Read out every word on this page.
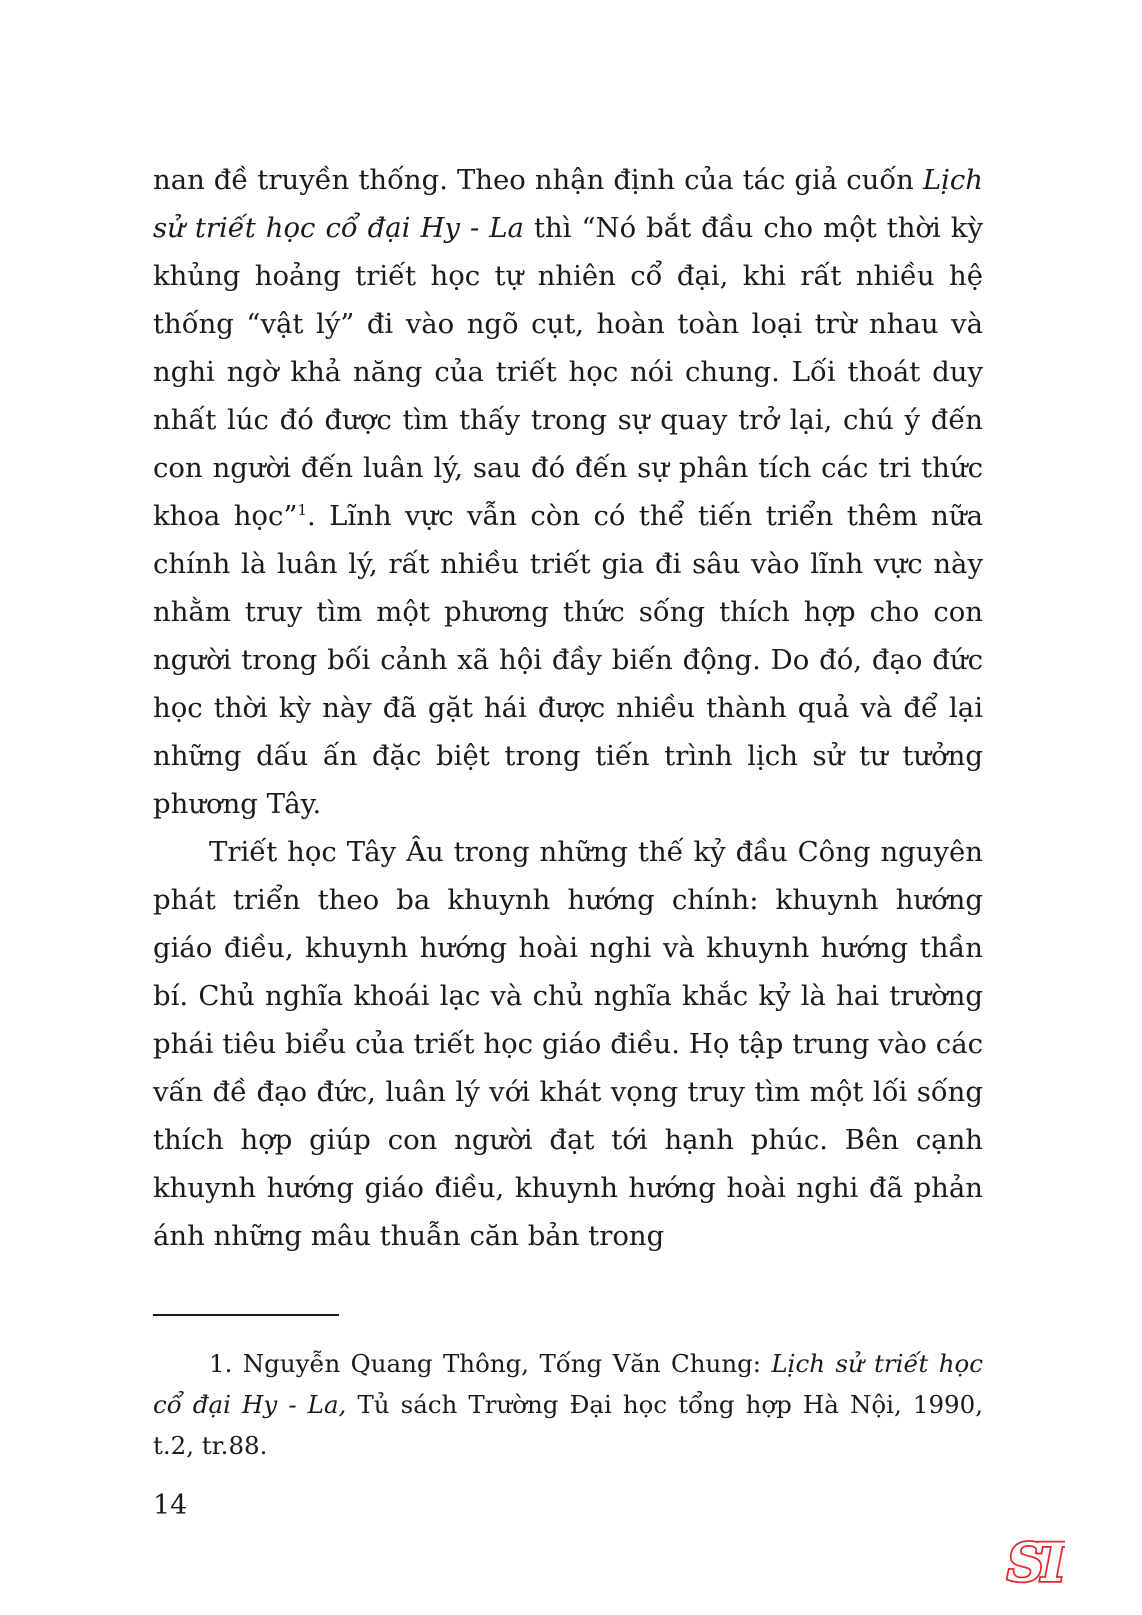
nan đề truyền thống. Theo nhận định của tác giả cuốn Lịch sử triết học cổ đại Hy - La thì “Nó bắt đầu cho một thời kỳ khủng hoảng triết học tự nhiên cổ đại, khi rất nhiều hệ thống “vật lý” đi vào ngõ cụt, hoàn toàn loại trừ nhau và nghi ngờ khả năng của triết học nói chung. Lối thoát duy nhất lúc đó được tìm thấy trong sự quay trở lại, chú ý đến con người đến luân lý, sau đó đến sự phân tích các tri thức khoa học”$^1$. Lĩnh vực vẫn còn có thể tiến triển thêm nữa chính là luân lý, rất nhiều triết gia đi sâu vào lĩnh vực này nhằm truy tìm một phương thức sống thích hợp cho con người trong bối cảnh xã hội đầy biến động. Do đó, đạo đức học thời kỳ này đã gặt hái được nhiều thành quả và để lại những dấu ấn đặc biệt trong tiến trình lịch sử tư tưởng phương Tây.

Triết học Tây Âu trong những thế kỷ đầu Công nguyên phát triển theo ba khuynh hướng chính: khuynh hướng giáo điều, khuynh hướng hoài nghi và khuynh hướng thần bí. Chủ nghĩa khoái lạc và chủ nghĩa khắc kỷ là hai trường phái tiêu biểu của triết học giáo điều. Họ tập trung vào các vấn đề đạo đức, luân lý với khát vọng truy tìm một lối sống thích hợp giúp con người đạt tới hạnh phúc. Bên cạnh khuynh hướng giáo điều, khuynh hướng hoài nghi đã phản ánh những mâu thuẫn căn bản trong

1. Nguyễn Quang Thông, Tống Văn Chung: Lịch sử triết học cổ đại Hy - La, Tủ sách Trường Đại học tổng hợp Hà Nội, 1990, t.2, tr.88.

14
ST
